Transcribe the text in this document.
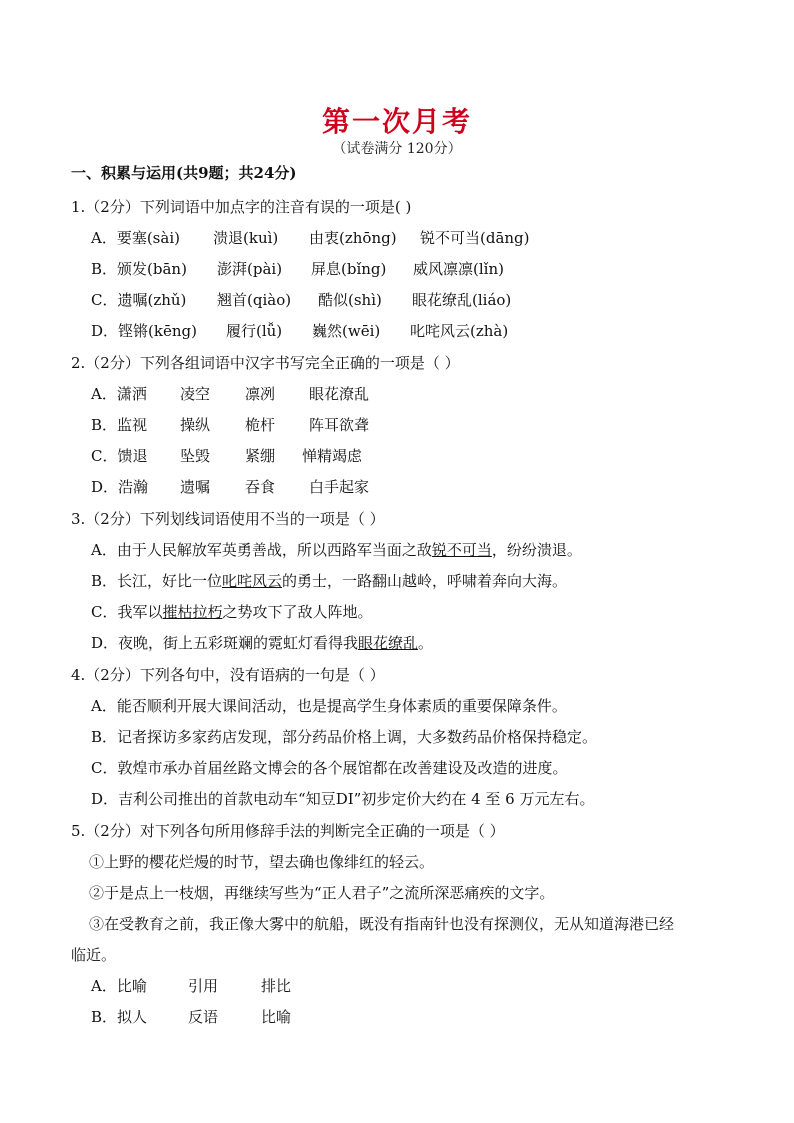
第一次月考
（试卷满分 120分）
一、积累与运用(共9题；共24分)
1.（2分）下列词语中加点字的注音有误的一项是( )
A．要塞(sài) 溃退(kuì) 由衷(zhōng) 锐不可当(dāng)
B．颁发(bān) 澎湃(pài) 屏息(bǐng) 威风凛凛(lǐn)
C．遗嘱(zhǔ) 翘首(qiào) 酷似(shì) 眼花缭乱(liáo)
D．铿锵(kēng) 履行(lǚ) 巍然(wēi) 叱咤风云(zhà)
2.（2分）下列各组词语中汉字书写完全正确的一项是（ ）
A．潇洒 凌空 凛冽 眼花潦乱
B．监视 操纵 桅杆 阵耳欲聋
C．馈退 坠毁 紧绷 惮精竭虑
D．浩瀚 遗嘱 吞食 白手起家
3.（2分）下列划线词语使用不当的一项是（ ）
A．由于人民解放军英勇善战，所以西路军当面之敌锐不可当，纷纷溃退。
B．长江，好比一位叱咤风云的勇士，一路翻山越岭，呼啸着奔向大海。
C．我军以摧枯拉朽之势攻下了敌人阵地。
D．夜晚，街上五彩斑斓的霓虹灯看得我眼花缭乱。
4.（2分）下列各句中，没有语病的一句是（ ）
A．能否顺利开展大课间活动，也是提高学生身体素质的重要保障条件。
B．记者探访多家药店发现，部分药品价格上调，大多数药品价格保持稳定。
C．敦煌市承办首届丝路文博会的各个展馆都在改善建设及改造的进度。
D．吉利公司推出的首款电动车“知豆DI”初步定价大约在 4 至 6 万元左右。
5.（2分）对下列各句所用修辞手法的判断完全正确的一项是（ ）
①上野的樱花烂熳的时节，望去确也像绯红的轻云。
②于是点上一枝烟，再继续写些为“正人君子”之流所深恶痛疾的文字。
③在受教育之前，我正像大雾中的航船，既没有指南针也没有探测仪，无从知道海港已经
临近。
A．比喻	引用	排比
B．拟人	反语	比喻
